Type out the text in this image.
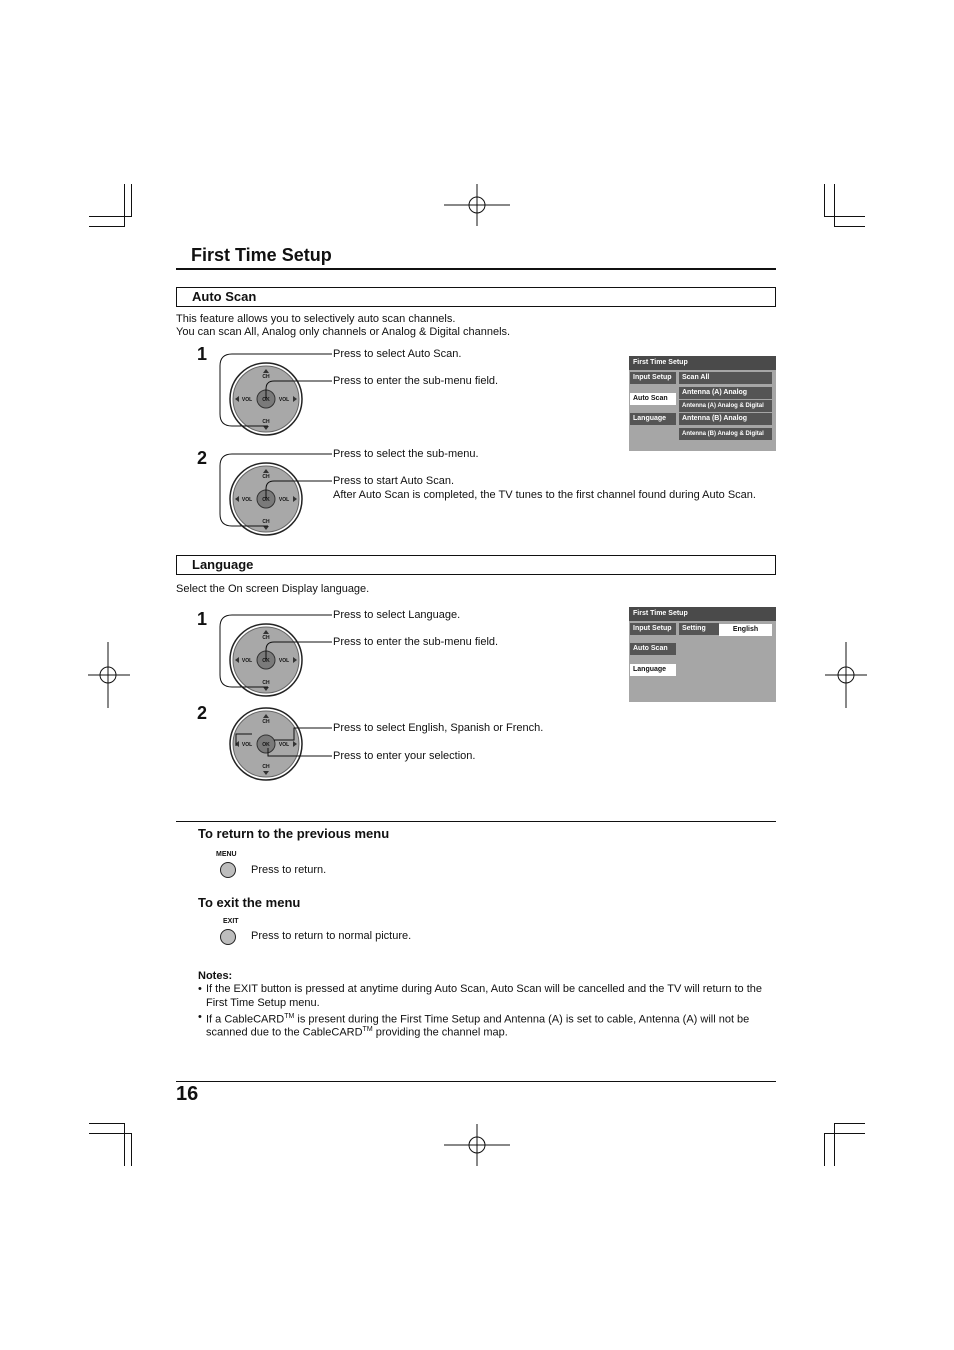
First Time Setup
Auto Scan
This feature allows you to selectively auto scan channels.
You can scan All, Analog only channels or Analog & Digital channels.
1
OK
CH
CH
VOL	VOL
Press to select Auto Scan.
Press to enter the sub-menu field.
First Time Setup
Input Setup
Auto Scan
Language
Scan All
Antenna (A) Analog
Antenna (A) Analog & Digital
Antenna (B) Analog
Antenna (B) Analog & Digital
2
OK
CH
CH
VOL	VOL
Press to select the sub-menu.
Press to start Auto Scan.
After Auto Scan is completed, the TV tunes to the first channel found during Auto Scan.
Language
Select the On screen Display language.
1
OK
CH
CH
VOL	VOL
Press to select Language.
Press to enter the sub-menu field.
First Time Setup
Input Setup
Auto Scan
Language
Setting	English
2
OK
CH
CH
VOL	VOL
Press to select English, Spanish or French.
Press to enter your selection.
To return to the previous menu
MENU
Press to return.
To exit the menu
EXIT
Press to return to normal picture.
Notes:
• If the EXIT button is pressed at anytime during Auto Scan, Auto Scan will be cancelled and the TV will return to the
First Time Setup menu.
• If a CableCARD™ is present during the First Time Setup and Antenna (A) is set to cable, Antenna (A) will not be
scanned due to the CableCARD™ providing the channel map.
16
